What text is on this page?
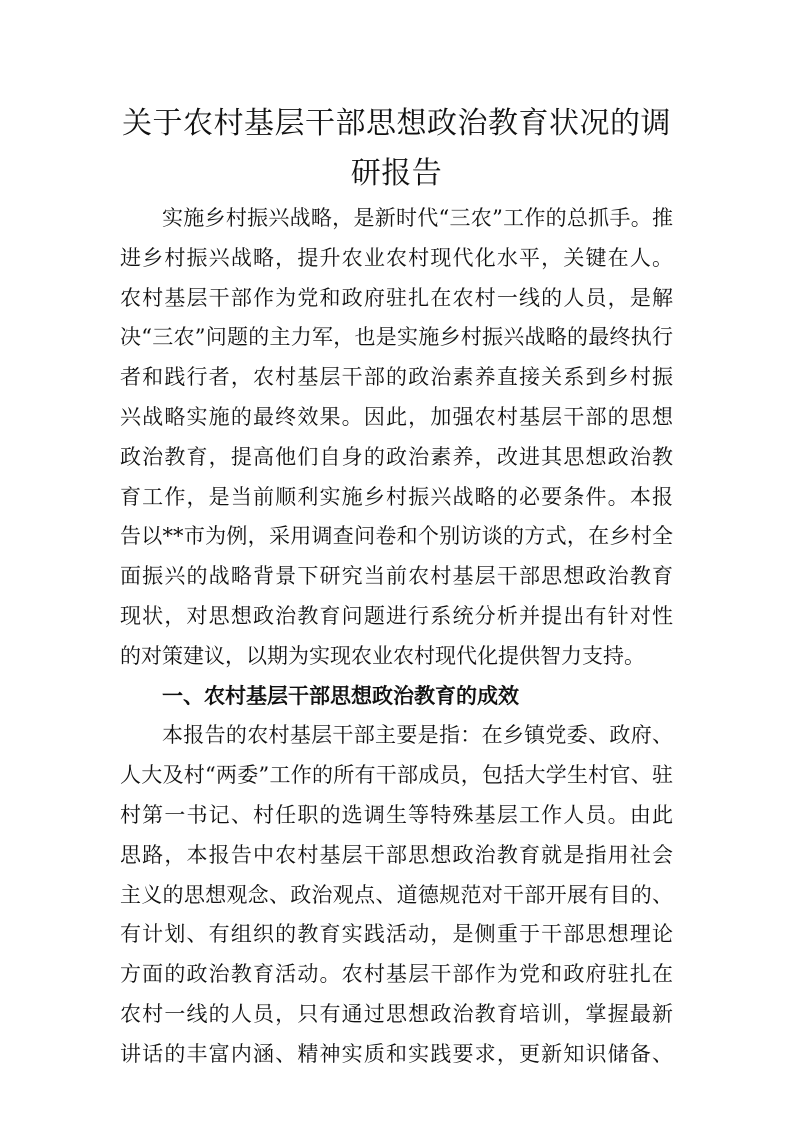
关于农村基层干部思想政治教育状况的调
研报告
实施乡村振兴战略，是新时代“三农”工作的总抓手。推
进乡村振兴战略，提升农业农村现代化水平，关键在人。
农村基层干部作为党和政府驻扎在农村一线的人员，是解
决“三农”问题的主力军，也是实施乡村振兴战略的最终执行
者和践行者，农村基层干部的政治素养直接关系到乡村振
兴战略实施的最终效果。因此，加强农村基层干部的思想
政治教育，提高他们自身的政治素养，改进其思想政治教
育工作，是当前顺利实施乡村振兴战略的必要条件。本报
告以**市为例，采用调查问卷和个别访谈的方式，在乡村全
面振兴的战略背景下研究当前农村基层干部思想政治教育
现状，对思想政治教育问题进行系统分析并提出有针对性
的对策建议，以期为实现农业农村现代化提供智力支持。
一、农村基层干部思想政治教育的成效
本报告的农村基层干部主要是指：在乡镇党委、政府、
人大及村“两委”工作的所有干部成员，包括大学生村官、驻
村第一书记、村任职的选调生等特殊基层工作人员。由此
思路，本报告中农村基层干部思想政治教育就是指用社会
主义的思想观念、政治观点、道德规范对干部开展有目的、
有计划、有组织的教育实践活动，是侧重于干部思想理论
方面的政治教育活动。农村基层干部作为党和政府驻扎在
农村一线的人员，只有通过思想政治教育培训，掌握最新
讲话的丰富内涵、精神实质和实践要求，更新知识储备、
